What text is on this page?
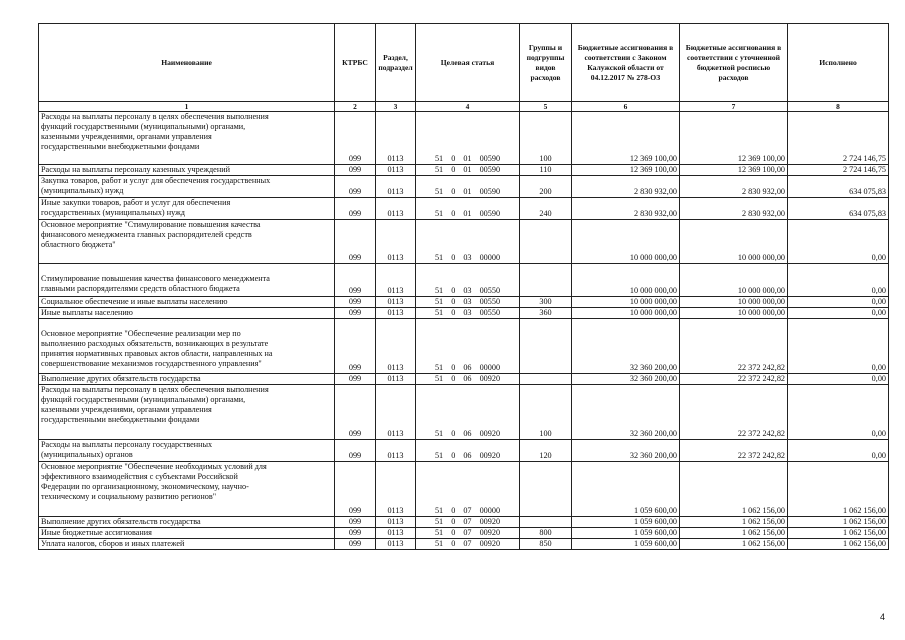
Наименование	КТРБС	Раздел, подраздел	Целевая статья	Группы и подгруппы видов расходов	Бюджетные ассигнования в соответствии с Законом Калужской области от 04.12.2017 № 278-ОЗ	Бюджетные ассигнования в соответствии с уточненной бюджетной росписью расходов	Исполнено
1	2	3	4	5	6	7	8
Расходы на выплаты персоналу в целях обеспечения выполнения
функций государственными (муниципальными) органами,
казенными учреждениями, органами управления
государственными внебюджетными фондами	099	0113	51 0 01 00590	100	12 369 100,00	12 369 100,00	2 724 146,75
Расходы на выплаты персоналу казенных учреждений	099	0113	51 0 01 00590	110	12 369 100,00	12 369 100,00	2 724 146,75
Закупка товаров, работ и услуг для обеспечения государственных
(муниципальных) нужд	099	0113	51 0 01 00590	200	2 830 932,00	2 830 932,00	634 075,83
Иные закупки товаров, работ и услуг для обеспечения
государственных (муниципальных) нужд	099	0113	51 0 01 00590	240	2 830 932,00	2 830 932,00	634 075,83
Основное мероприятие "Стимулирование повышения качества
финансового менеджмента главных распорядителей средств
областного бюджета"	099	0113	51 0 03 00000		10 000 000,00	10 000 000,00	0,00

Стимулирование повышения качества финансового менеджмента
главными распорядителями средств областного бюджета	099	0113	51 0 03 00550		10 000 000,00	10 000 000,00	0,00
Социальное обеспечение и иные выплаты населению	099	0113	51 0 03 00550	300	10 000 000,00	10 000 000,00	0,00
Иные выплаты населению	099	0113	51 0 03 00550	360	10 000 000,00	10 000 000,00	0,00

Основное мероприятие "Обеспечение реализации мер по
выполнению расходных обязательств, возникающих в результате
принятия нормативных правовых актов области, направленных на
совершенствование механизмов государственного управления"	099	0113	51 0 06 00000		32 360 200,00	22 372 242,82	0,00
Выполнение других обязательств государства	099	0113	51 0 06 00920		32 360 200,00	22 372 242,82	0,00
Расходы на выплаты персоналу в целях обеспечения выполнения
функций государственными (муниципальными) органами,
казенными учреждениями, органами управления
государственными внебюджетными фондами	099	0113	51 0 06 00920	100	32 360 200,00	22 372 242,82	0,00
Расходы на выплаты персоналу государственных
(муниципальных) органов	099	0113	51 0 06 00920	120	32 360 200,00	22 372 242,82	0,00
Основное мероприятие "Обеспечение необходимых условий для
эффективного взаимодействия с субъектами Российской
Федерации по организационному, экономическому, научно-
техническому и социальному развитию регионов"	099	0113	51 0 07 00000		1 059 600,00	1 062 156,00	1 062 156,00
Выполнение других обязательств государства	099	0113	51 0 07 00920		1 059 600,00	1 062 156,00	1 062 156,00
Иные бюджетные ассигнования	099	0113	51 0 07 00920	800	1 059 600,00	1 062 156,00	1 062 156,00
Уплата налогов, сборов и иных платежей	099	0113	51 0 07 00920	850	1 059 600,00	1 062 156,00	1 062 156,00
4
